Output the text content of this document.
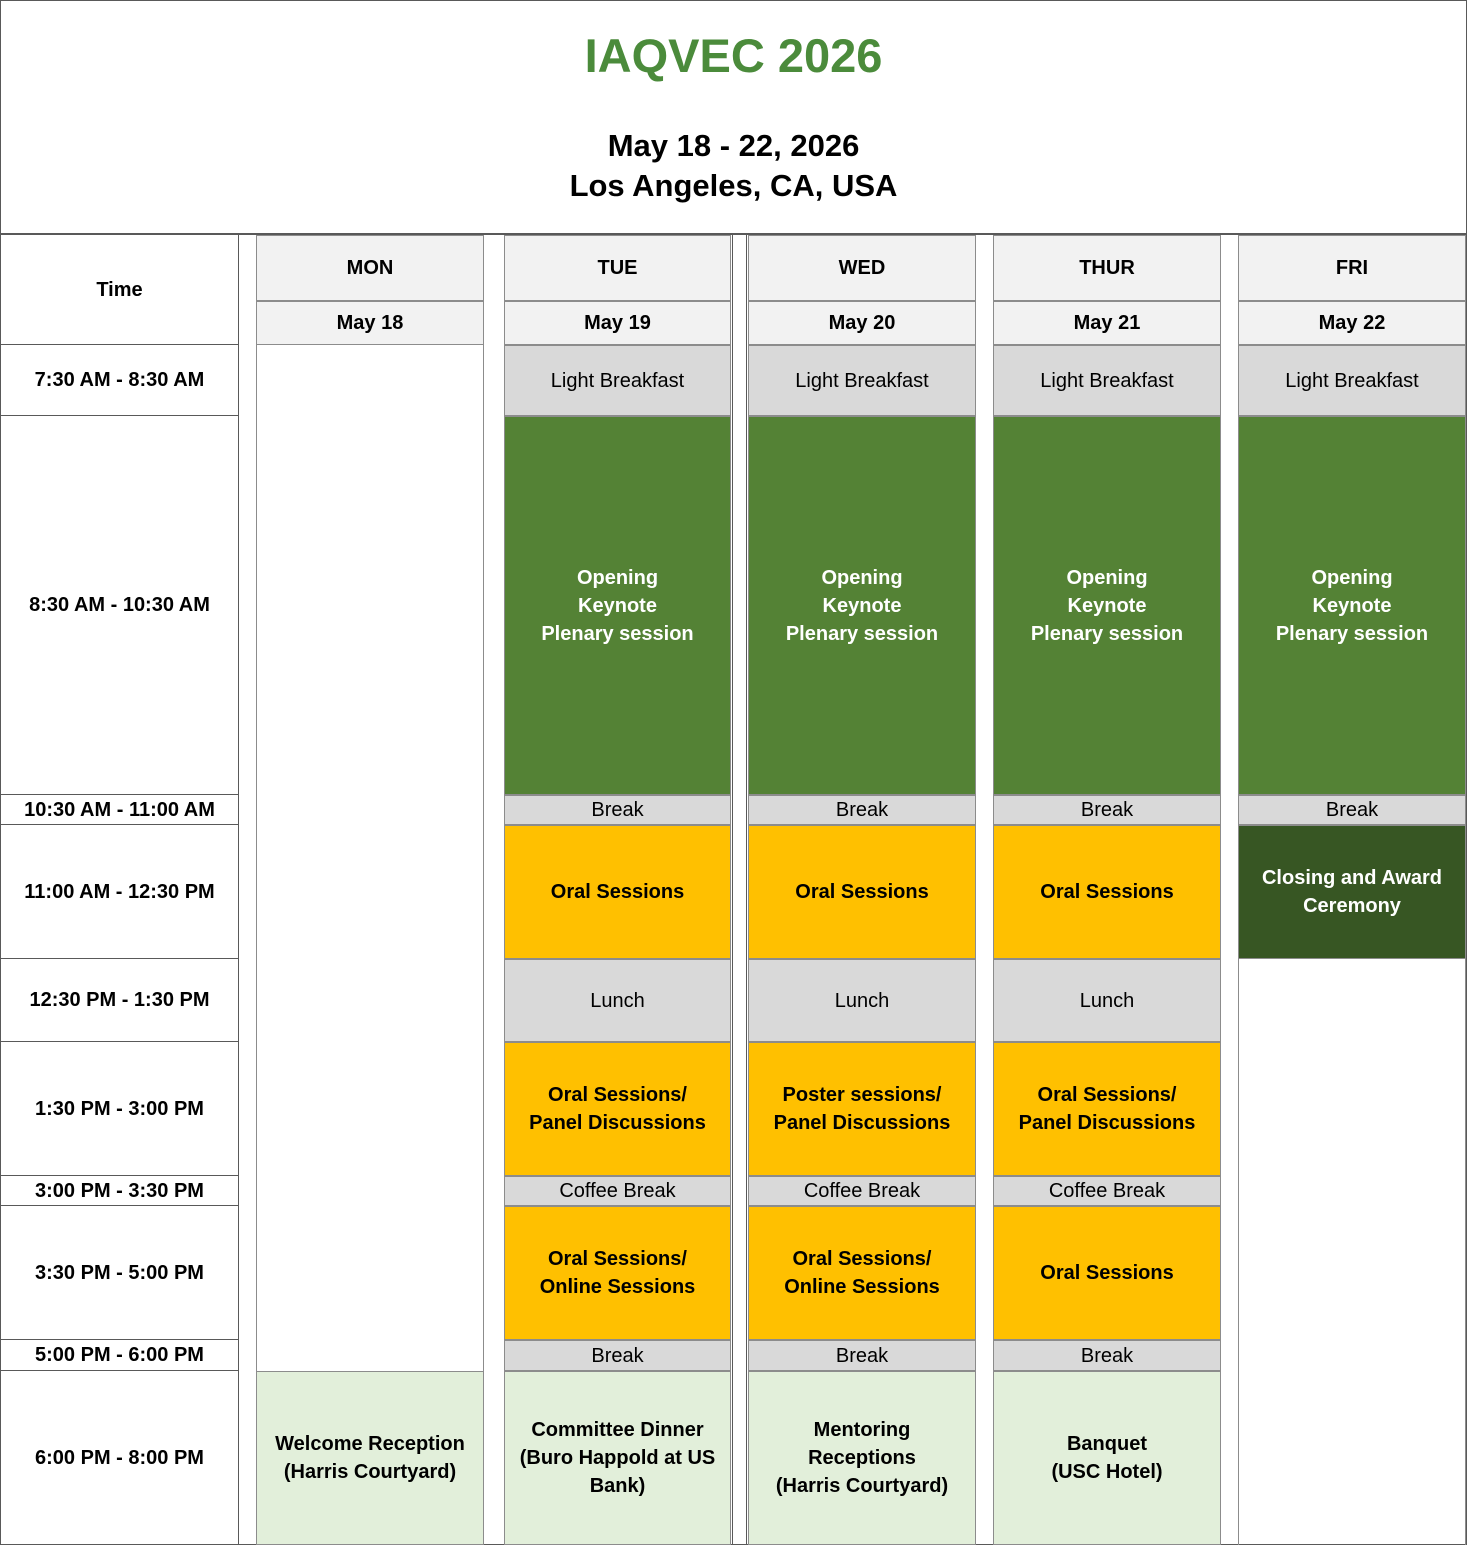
IAQVEC 2026
May 18 - 22, 2026
Los Angeles, CA, USA
Time
7:30 AM - 8:30 AM
8:30 AM - 10:30 AM
10:30 AM - 11:00 AM
11:00 AM - 12:30 PM
12:30 PM - 1:30 PM
1:30 PM - 3:00 PM
3:00 PM - 3:30 PM
3:30 PM - 5:00 PM
5:00 PM - 6:00 PM
6:00 PM - 8:00 PM
MON
May 18
TUE
May 19
WED
May 20
THUR
May 21
FRI
May 22
Welcome Reception
(Harris Courtyard)
Light Breakfast
Opening
Keynote
Plenary session
Break
Oral Sessions
Lunch
Oral Sessions/
Panel Discussions
Coffee Break
Oral Sessions/
Online Sessions
Break
Committee Dinner
(Buro Happold at US
Bank)
Light Breakfast
Opening
Keynote
Plenary session
Break
Oral Sessions
Lunch
Poster sessions/
Panel Discussions
Coffee Break
Oral Sessions/
Online Sessions
Break
Mentoring
Receptions
(Harris Courtyard)
Light Breakfast
Opening
Keynote
Plenary session
Break
Oral Sessions
Lunch
Oral Sessions/
Panel Discussions
Coffee Break
Oral Sessions
Break
Banquet
(USC Hotel)
Light Breakfast
Opening
Keynote
Plenary session
Break
Closing and Award
Ceremony
